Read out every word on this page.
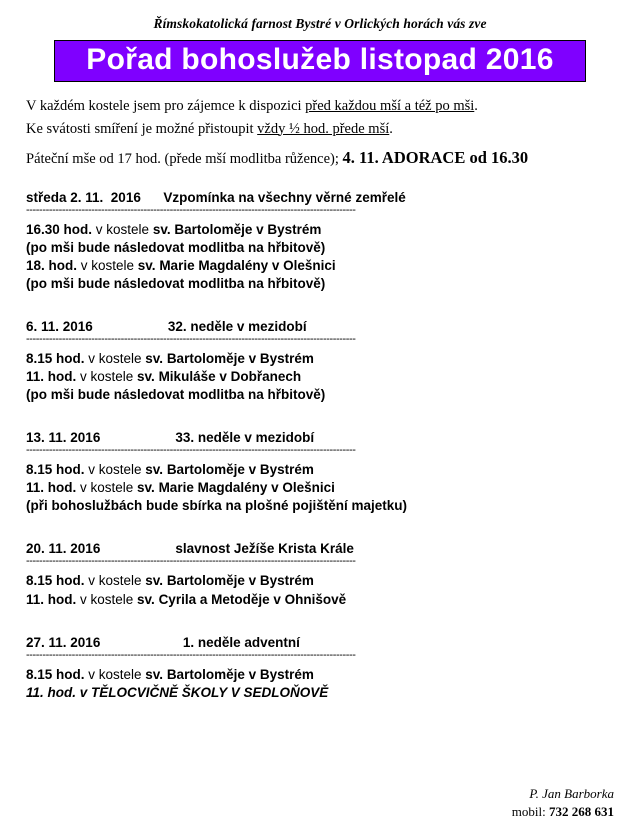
Římskokatolická farnost Bystré v Orlických horách vás zve
Pořad bohoslužeb listopad 2016

V každém kostele jsem pro zájemce k dispozici před každou mší a též po mši.

Ke svátosti smíření je možné přistoupit vždy ½ hod. přede mší.

Páteční mše od 17 hod. (přede mší modlitba růžence); 4. 11. ADORACE od 16.30

středa 2. 11.  2016
Vzpomínka na všechny věrné zemřelé
-----------------------------------------------------------------------------------------------------
16.30 hod. v kostele sv. Bartoloměje v Bystrém
(po mši bude následovat modlitba na hřbitově)
18. hod. v kostele sv. Marie Magdalény v Olešnici
(po mši bude následovat modlitba na hřbitově)
6. 11. 2016
	32. neděle v mezidobí
-----------------------------------------------------------------------------------------------------
8.15 hod. v kostele sv. Bartoloměje v Bystrém
11. hod. v kostele sv. Mikuláše v Dobřanech
(po mši bude následovat modlitba na hřbitově)
13. 11. 2016
	33. neděle v mezidobí
-----------------------------------------------------------------------------------------------------
8.15 hod. v kostele sv. Bartoloměje v Bystrém
11. hod. v kostele sv. Marie Magdalény v Olešnici
(při bohoslužbách bude sbírka na plošné pojištění majetku)
20. 11. 2016
	slavnost Ježíše Krista Krále
-----------------------------------------------------------------------------------------------------
8.15 hod. v kostele sv. Bartoloměje v Bystrém
11. hod. v kostele sv. Cyrila a Metoděje v Ohnišově
27. 11. 2016
	1. neděle adventní
-----------------------------------------------------------------------------------------------------
8.15 hod. v kostele sv. Bartoloměje v Bystrém
11. hod. v TĚLOCVIČNĚ ŠKOLY V SEDLOŇOVĚ
P. Jan Barborka
mobil: 732 268 631
